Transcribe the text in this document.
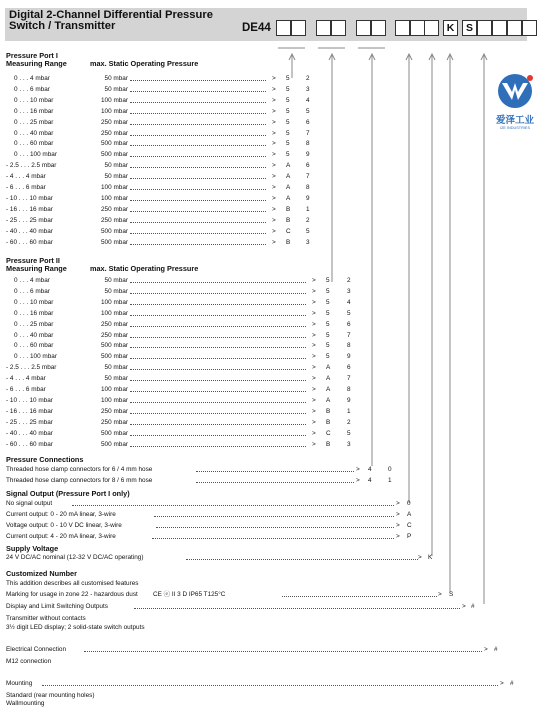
Digital 2-Channel Differential Pressure
Switch / Transmitter	DE44	K	S
爱泽工业
IZE INDUSTRIES
Pressure Port I
Measuring Range	max. Static Operating Pressure
0 . . . 4 mbar	50 mbar	> 5	2
0 . . . 6 mbar	50 mbar	> 5	3
0 . . . 10 mbar	100 mbar	> 5	4
0 . . . 16 mbar	100 mbar	> 5	5
0 . . . 25 mbar	250 mbar	> 5	6
0 . . . 40 mbar	250 mbar	> 5	7
0 . . . 60 mbar	500 mbar	> 5	8
0 . . . 100 mbar	500 mbar	> 5	9
- 2.5 . . . 2.5 mbar	50 mbar	> A 6
- 4 . . . 4 mbar	50 mbar	> A 7
- 6 . . . 6 mbar	100 mbar	> A 8
- 10 . . . 10 mbar	100 mbar	> A 9
- 16 . . . 16 mbar	250 mbar	> B 1
- 25 . . . 25 mbar	250 mbar	> B 2
- 40 . . . 40 mbar	500 mbar	> C 5
- 60 . . . 60 mbar	500 mbar	> B 3
Pressure Port II
Measuring Range	max. Static Operating Pressure
0 . . . 4 mbar	50 mbar	> 5	2
0 . . . 6 mbar	50 mbar	> 5	3
0 . . . 10 mbar	100 mbar	> 5	4
0 . . . 16 mbar	100 mbar	> 5	5
0 . . . 25 mbar	250 mbar	> 5	6
0 . . . 40 mbar	250 mbar	> 5	7
0 . . . 60 mbar	500 mbar	> 5	8
0 . . . 100 mbar	500 mbar	> 5	9
- 2.5 . . . 2.5 mbar	50 mbar	> A	6
- 4 . . . 4 mbar	50 mbar	> A	7
- 6 . . . 6 mbar	100 mbar	> A	8
- 10 . . . 10 mbar	100 mbar	> A	9
- 16 . . . 16 mbar	250 mbar	> B	1
- 25 . . . 25 mbar	250 mbar	> B	2
- 40 . . . 40 mbar	500 mbar	> C	5
- 60 . . . 60 mbar	500 mbar	> B	3
Pressure Connections
Threaded hose clamp connectors for 6 / 4 mm hose	> 4	0
Threaded hose clamp connectors for 8 / 6 mm hose	> 4	1
Signal Output (Pressure Port I only)
No signal output	> 0
Current output: 0 - 20 mA linear, 3-wire	> A
Voltage output: 0 - 10 V DC linear, 3-wire	> C
Current output: 4 - 20 mA linear, 3-wire	> P
Supply Voltage
24 V DC/AC nominal (12-32 V DC/AC operating)	> K
Customized Number
This addition describes all customised features
Marking for usage in zone 22 - hazardous dust CE ⓔ II 3 D IP65 T125°C	> S
Display and Limit Switching Outputs	> #
Transmitter without contacts
3½ digit LED display; 2 solid-state switch outputs
Electrical Connection	> #
M12 connection
Mounting	> #
Standard (rear mounting holes)
Wallmounting
